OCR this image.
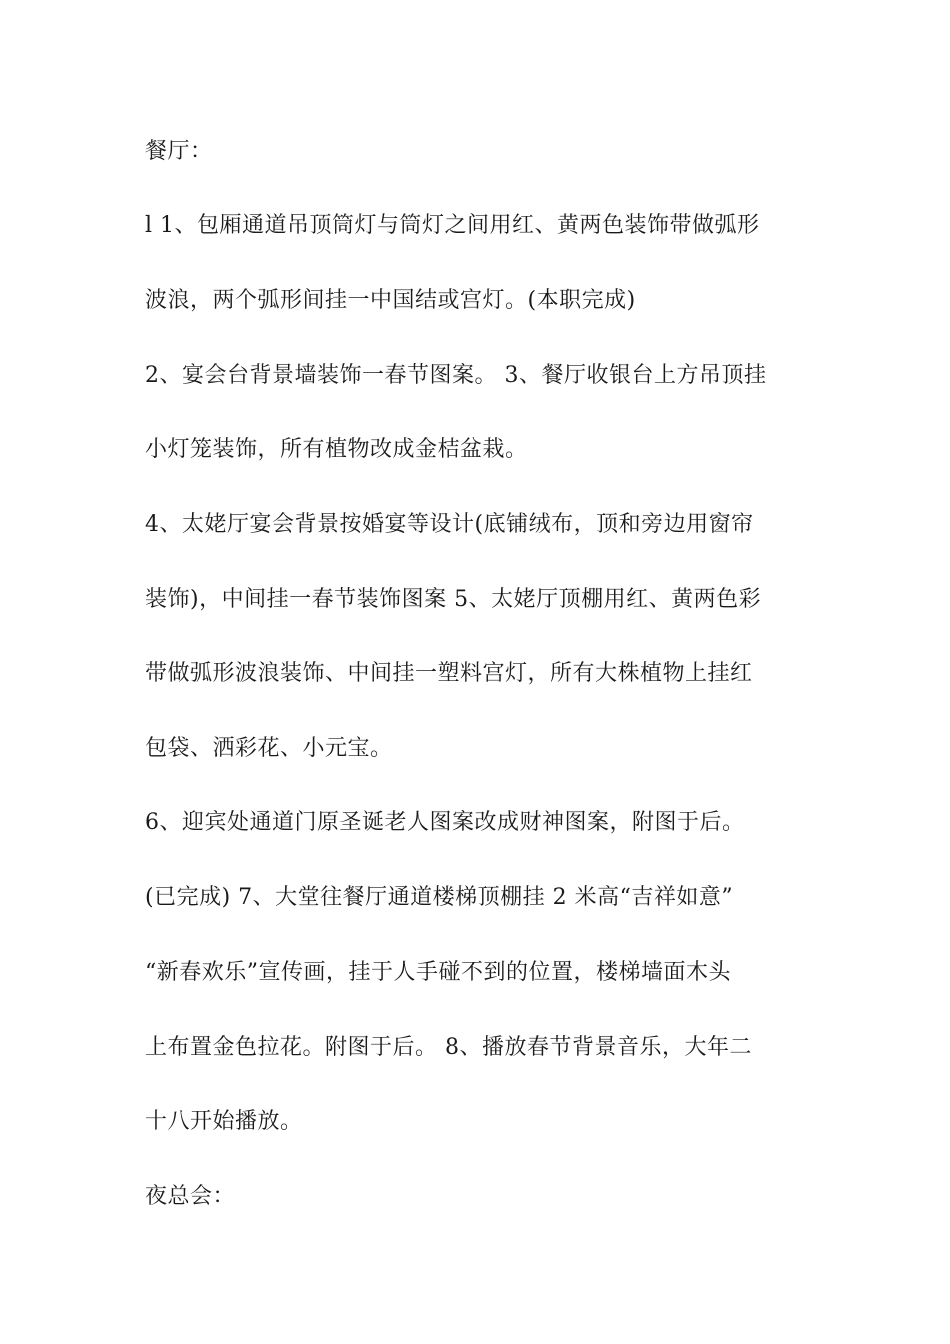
餐厅：
l 1、包厢通道吊顶筒灯与筒灯之间用红、黄两色装饰带做弧形
波浪，两个弧形间挂一中国结或宫灯。(本职完成)
2、宴会台背景墙装饰一春节图案。 3、餐厅收银台上方吊顶挂
小灯笼装饰，所有植物改成金桔盆栽。
4、太姥厅宴会背景按婚宴等设计(底铺绒布，顶和旁边用窗帘
装饰)，中间挂一春节装饰图案 5、太姥厅顶棚用红、黄两色彩
带做弧形波浪装饰、中间挂一塑料宫灯，所有大株植物上挂红
包袋、洒彩花、小元宝。
6、迎宾处通道门原圣诞老人图案改成财神图案，附图于后。
(已完成) 7、大堂往餐厅通道楼梯顶棚挂 2 米高“吉祥如意”
“新春欢乐”宣传画，挂于人手碰不到的位置，楼梯墙面木头
上布置金色拉花。附图于后。 8、播放春节背景音乐，大年二
十八开始播放。
夜总会：
